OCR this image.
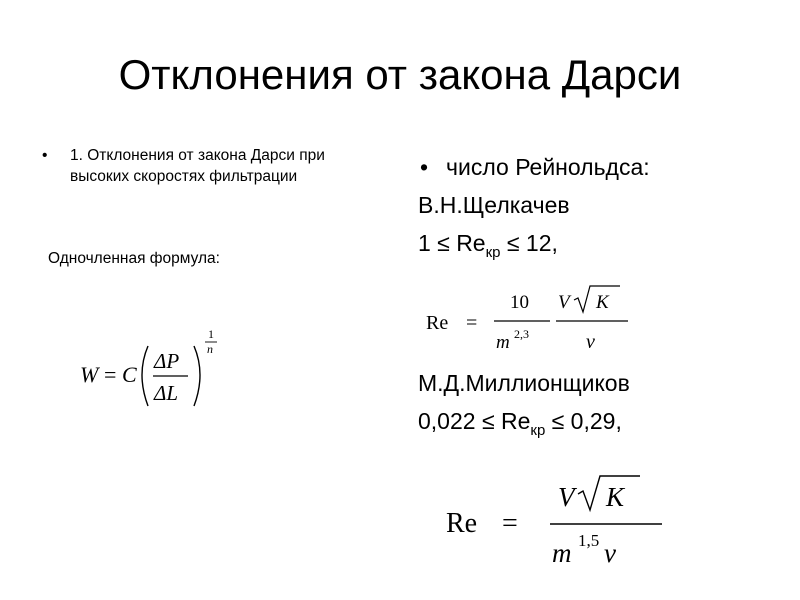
Отклонения от закона Дарси
• 1. Отклонения от закона Дарси при высоких скоростях фильтрации
Одночленная формула:
W = C
ΔP
ΔL
1
n
• число Рейнольдса:
В.Н.Щелкачев
$1 \le Re_{кр} \le 12$,
Re =
10
m 2,3
V K
ν
М.Д.Миллионщиков
$0,022 \le Re_{кр} \le 0,29$,
Re =
V K
m 1,5 ν
